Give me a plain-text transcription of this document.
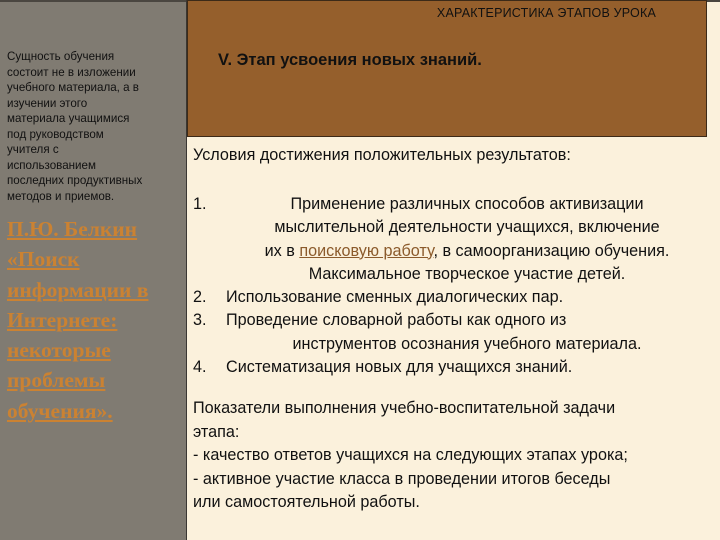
Сущность обучения
состоит не в изложении
учебного материала, а в
изучении этого
материала учащимися
под руководством
учителя с
использованием
последних продуктивных
методов и приемов.
П.Ю. Белкин
«Поиск
информации в
Интернете:
некоторые
проблемы
обучения».
ХАРАКТЕРИСТИКА ЭТАПОВ УРОКА
V. Этап усвоения новых знаний.
Условия достижения положительных результатов:
1.	Применение различных способов активизации
мыслительной деятельности учащихся, включение
их в поисковую работу, в самоорганизацию обучения.
Максимальное творческое участие детей.
2. Использование сменных диалогических пар.
3. Проведение словарной работы как одного из
инструментов осознания учебного материала.
4. Систематизация новых для учащихся знаний.
Показатели выполнения учебно-воспитательной задачи
этапа:
- качество ответов учащихся на следующих этапах урока;
- активное участие класса в проведении итогов беседы
или самостоятельной работы.
